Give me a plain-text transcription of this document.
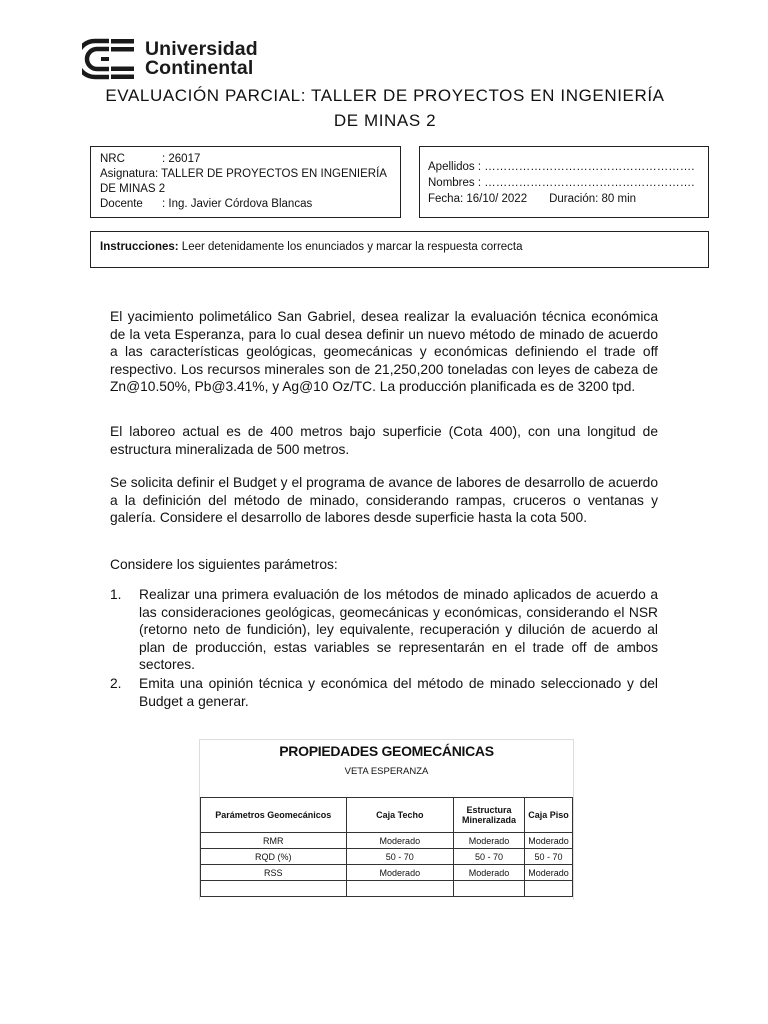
Universidad
Continental
EVALUACIÓN PARCIAL: TALLER DE PROYECTOS EN INGENIERÍA
DE MINAS 2
NRC	: 26017
Asignatura: TALLER DE PROYECTOS EN INGENIERÍA
DE MINAS 2
Docente : Ing. Javier Córdova Blancas
Apellidos : ……………………………………………….
Nombres : ……………………………………………….
Fecha: 16/10/ 2022 Duración: 80 min
Instrucciones: Leer detenidamente los enunciados y marcar la respuesta correcta
El yacimiento polimetálico San Gabriel, desea realizar la evaluación técnica económica de la veta Esperanza, para lo cual desea definir un nuevo método de minado de acuerdo a las características geológicas, geomecánicas y económicas definiendo el trade off respectivo. Los recursos minerales son de 21,250,200 toneladas con leyes de cabeza de Zn@10.50%, Pb@3.41%, y Ag@10 Oz/TC. La producción planificada es de 3200 tpd.
El laboreo actual es de 400 metros bajo superficie (Cota 400), con una longitud de estructura mineralizada de 500 metros.
Se solicita definir el Budget y el programa de avance de labores de desarrollo de acuerdo a la definición del método de minado, considerando rampas, cruceros o ventanas y galería. Considere el desarrollo de labores desde superficie hasta la cota 500.
Considere los siguientes parámetros:
1.	Realizar una primera evaluación de los métodos de minado aplicados de acuerdo a las consideraciones geológicas, geomecánicas y económicas, considerando el NSR (retorno neto de fundición), ley equivalente, recuperación y dilución de acuerdo al plan de producción, estas variables se representarán en el trade off de ambos sectores.
2.	Emita una opinión técnica y económica del método de minado seleccionado y del Budget a generar.
PROPIEDADES GEOMECÁNICAS
VETA ESPERANZA
Parámetros Geomecánicos	Caja Techo	Estructura Mineralizada	Caja Piso
RMR	Moderado	Moderado	Moderado
RQD (%)	50 - 70	50 - 70	50 - 70
RSS	Moderado	Moderado	Moderado
